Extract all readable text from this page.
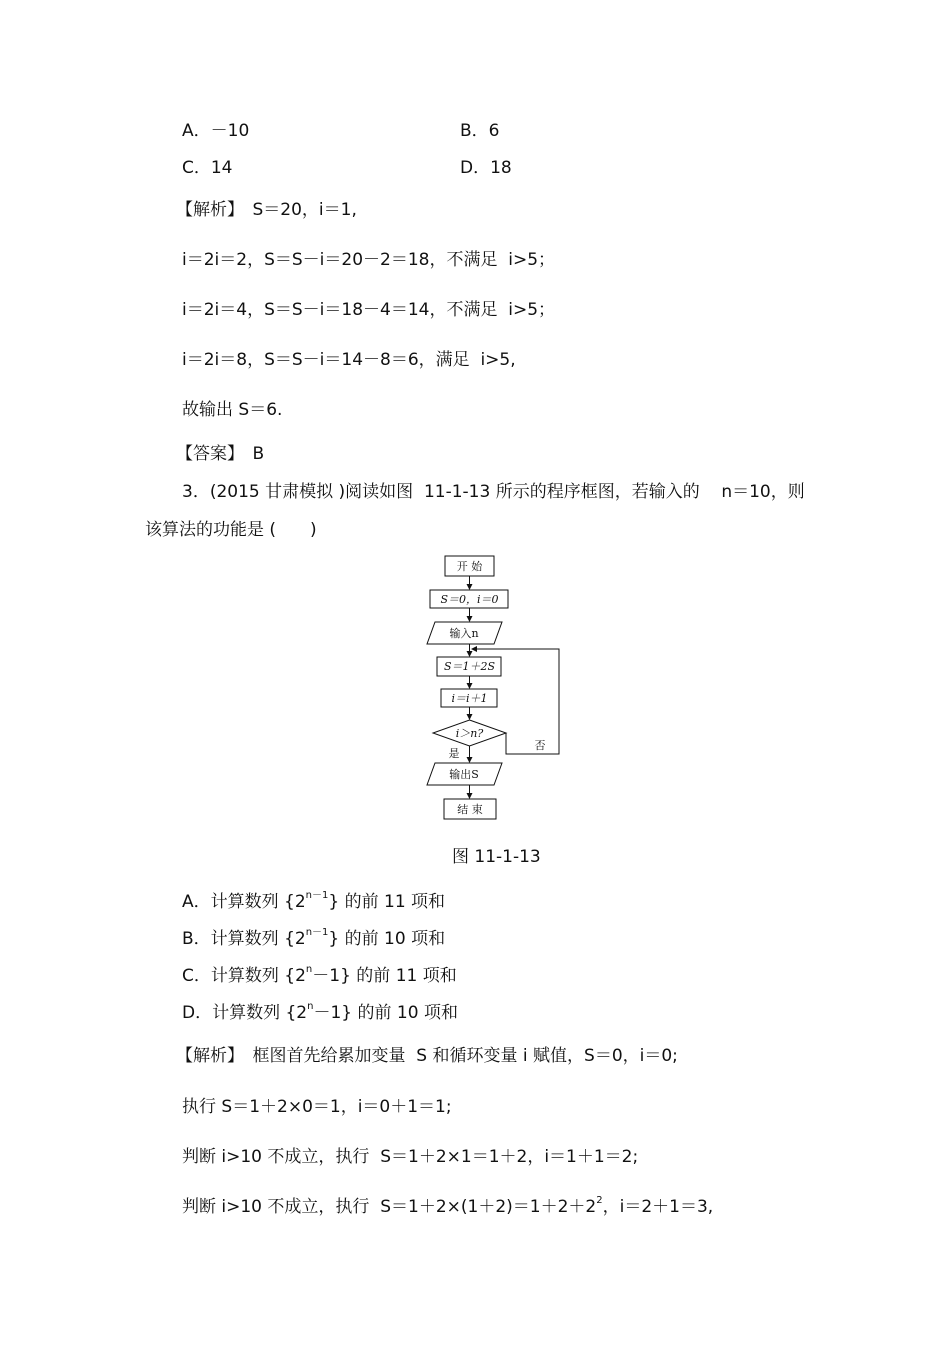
A．－10	B．6
C．14	D．18
【解析】　S＝20，i＝1,
i＝2i＝2，S＝S－i＝20－2＝18，不满足  i>5；
i＝2i＝4，S＝S－i＝18－4＝14，不满足  i>5；
i＝2i＝8，S＝S－i＝14－8＝6，满足  i>5,
故输出 S＝6.
【答案】　B
3．(2015 甘肃模拟 )阅读如图  11-1-13 所示的程序框图，若输入的    n＝10，则
该算法的功能是 (　　)
开 始
S＝0，i＝0
输入n
S＝1＋2S
i＝i＋1
i＞n?
是
否
输出S
结 束
图 11-1-13
A．计算数列 $\{2^{n-1}\}$ 的前 11 项和
B．计算数列 $\{2^{n-1}\}$ 的前 10 项和
C．计算数列 $\{2^n-1\}$ 的前 11 项和
D．计算数列 $\{2^n-1\}$ 的前 10 项和
【解析】　框图首先给累加变量  S 和循环变量 i 赋值，S＝0，i＝0;
执行 S＝1＋2×0＝1，i＝0＋1＝1;
判断 i>10 不成立，执行  S＝1＋2×1＝1＋2，i＝1＋1＝2;
判断 i>10 不成立，执行  $S=1+2\times(1+2)=1+2+2^2$，i＝2＋1＝3,
